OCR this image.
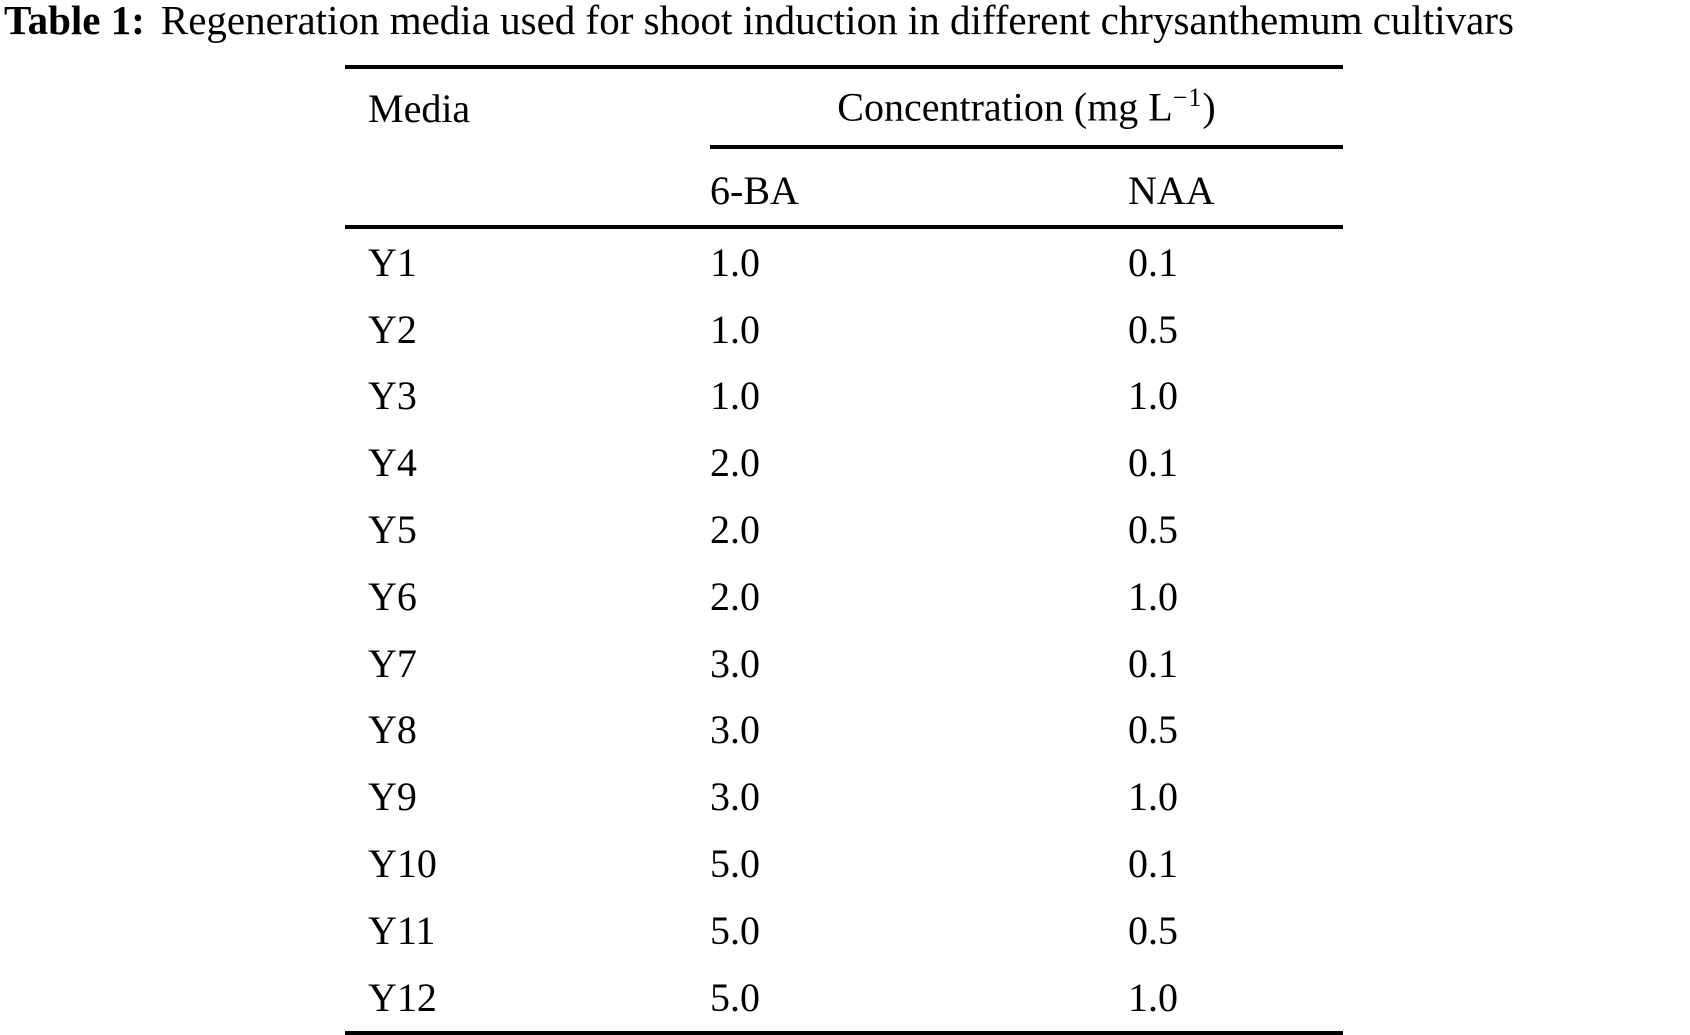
Table 1: Regeneration media used for shoot induction in different chrysanthemum cultivars
Media	Concentration (mg $L^{-1}$)	
	6-BA	NAA
Y1	1.0	0.1
Y2	1.0	0.5
Y3	1.0	1.0
Y4	2.0	0.1
Y5	2.0	0.5
Y6	2.0	1.0
Y7	3.0	0.1
Y8	3.0	0.5
Y9	3.0	1.0
Y10	5.0	0.1
Y11	5.0	0.5
Y12	5.0	1.0
